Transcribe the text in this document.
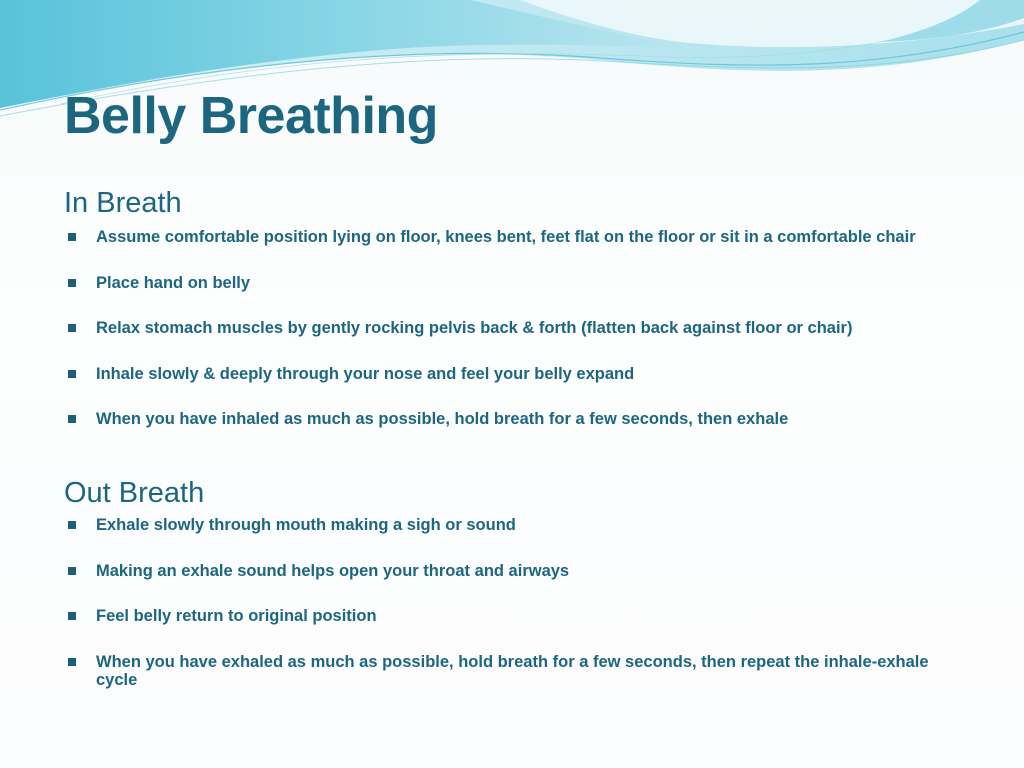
Belly Breathing
In Breath
Assume comfortable position lying on floor, knees bent, feet flat on the floor or sit in a comfortable chair
Place hand on belly
Relax stomach muscles by gently rocking pelvis back & forth (flatten back against floor or chair)
Inhale slowly & deeply through your nose and feel your belly expand
When you have inhaled as much as possible, hold breath for a few seconds, then exhale
Out Breath
Exhale slowly through mouth making a sigh or sound
Making an exhale sound helps open your throat and airways
Feel belly return to original position
When you have exhaled as much as possible, hold breath for a few seconds, then repeat the inhale-exhale cycle
